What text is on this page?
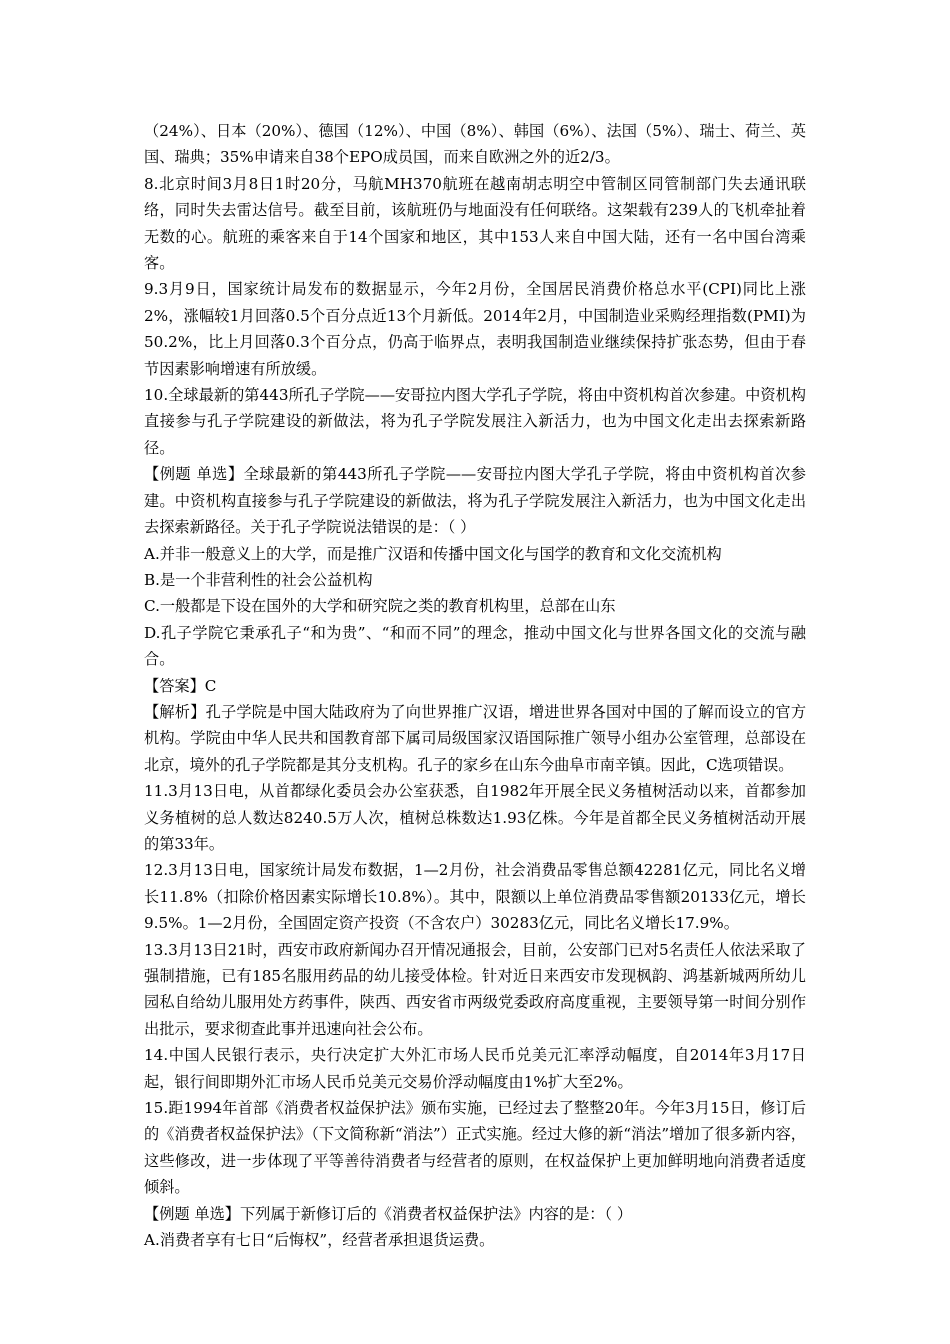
（24%）、日本（20%）、德国（12%）、中国（8%）、韩国（6%）、法国（5%）、瑞士、荷兰、英国、瑞典；35%申请来自38个EPO成员国，而来自欧洲之外的近2/3。

8.北京时间3月8日1时20分，马航MH370航班在越南胡志明空中管制区同管制部门失去通讯联络，同时失去雷达信号。截至目前，该航班仍与地面没有任何联络。这架载有239人的飞机牵扯着无数的心。航班的乘客来自于14个国家和地区，其中153人来自中国大陆，还有一名中国台湾乘客。

9.3月9日，国家统计局发布的数据显示，今年2月份，全国居民消费价格总水平(CPI)同比上涨2%，涨幅较1月回落0.5个百分点近13个月新低。2014年2月，中国制造业采购经理指数(PMI)为50.2%，比上月回落0.3个百分点，仍高于临界点，表明我国制造业继续保持扩张态势，但由于春节因素影响增速有所放缓。

10.全球最新的第443所孔子学院——安哥拉内图大学孔子学院，将由中资机构首次参建。中资机构直接参与孔子学院建设的新做法，将为孔子学院发展注入新活力，也为中国文化走出去探索新路径。

【例题 单选】全球最新的第443所孔子学院——安哥拉内图大学孔子学院，将由中资机构首次参建。中资机构直接参与孔子学院建设的新做法，将为孔子学院发展注入新活力，也为中国文化走出去探索新路径。关于孔子学院说法错误的是：（ ）

A.并非一般意义上的大学，而是推广汉语和传播中国文化与国学的教育和文化交流机构

B.是一个非营利性的社会公益机构

C.一般都是下设在国外的大学和研究院之类的教育机构里，总部在山东

D.孔子学院它秉承孔子“和为贵”、“和而不同”的理念，推动中国文化与世界各国文化的交流与融合。

【答案】C

【解析】孔子学院是中国大陆政府为了向世界推广汉语，增进世界各国对中国的了解而设立的官方机构。学院由中华人民共和国教育部下属司局级国家汉语国际推广领导小组办公室管理，总部设在北京，境外的孔子学院都是其分支机构。孔子的家乡在山东今曲阜市南辛镇。因此，C选项错误。

11.3月13日电，从首都绿化委员会办公室获悉，自1982年开展全民义务植树活动以来，首都参加义务植树的总人数达8240.5万人次，植树总株数达1.93亿株。今年是首都全民义务植树活动开展的第33年。

12.3月13日电，国家统计局发布数据，1—2月份，社会消费品零售总额42281亿元，同比名义增长11.8%（扣除价格因素实际增长10.8%）。其中，限额以上单位消费品零售额20133亿元，增长9.5%。1—2月份，全国固定资产投资（不含农户）30283亿元，同比名义增长17.9%。

13.3月13日21时，西安市政府新闻办召开情况通报会，目前，公安部门已对5名责任人依法采取了强制措施，已有185名服用药品的幼儿接受体检。针对近日来西安市发现枫韵、鸿基新城两所幼儿园私自给幼儿服用处方药事件，陕西、西安省市两级党委政府高度重视，主要领导第一时间分别作出批示，要求彻查此事并迅速向社会公布。

14.中国人民银行表示，央行决定扩大外汇市场人民币兑美元汇率浮动幅度，自2014年3月17日起，银行间即期外汇市场人民币兑美元交易价浮动幅度由1%扩大至2%。

15.距1994年首部《消费者权益保护法》颁布实施，已经过去了整整20年。今年3月15日，修订后的《消费者权益保护法》（下文简称新“消法”）正式实施。经过大修的新“消法”增加了很多新内容，这些修改，进一步体现了平等善待消费者与经营者的原则，在权益保护上更加鲜明地向消费者适度倾斜。

【例题 单选】下列属于新修订后的《消费者权益保护法》内容的是：（ ）

A.消费者享有七日“后悔权”，经营者承担退货运费。
